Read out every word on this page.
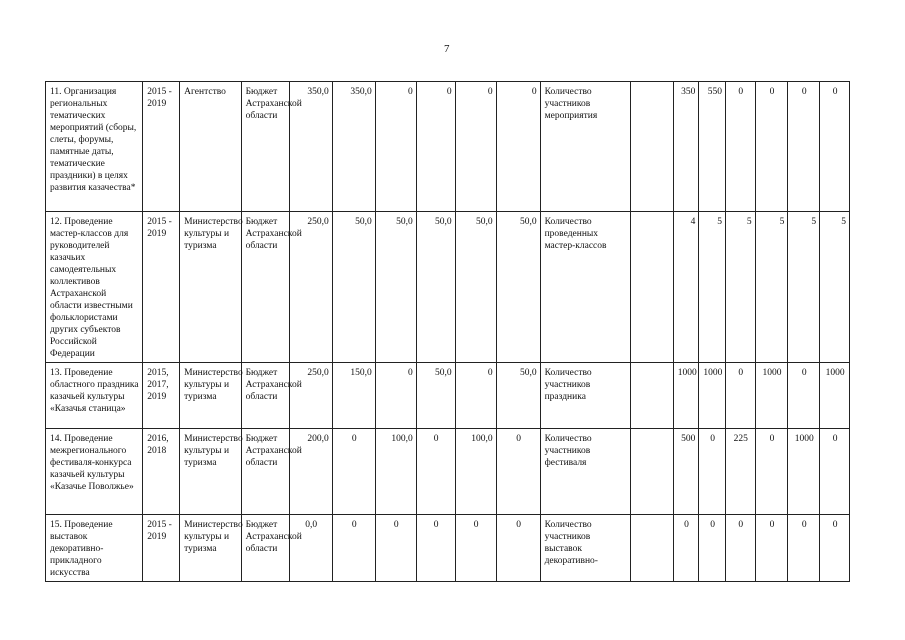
7
11. Организация региональных тематических мероприятий (сборы, слеты, форумы, памятные даты, тематические праздники) в целях развития казачества*	2015 - 2019	Агентство	Бюджет Астраханской области	350,0	350,0	0	0	0	0	Количество участников мероприятия		350	550	0	0	0	0
12. Проведение мастер-классов для руководителей казачьих самодеятельных коллективов Астраханской области известными фольклористами других субъектов Российской Федерации	2015 - 2019	Министерство культуры и туризма	Бюджет Астраханской области	250,0	50,0	50,0	50,0	50,0	50,0	Количество проведенных мастер-классов		4	5	5	5	5	5
13. Проведение областного праздника казачьей культуры «Казачья станица»	2015, 2017, 2019	Министерство культуры и туризма	Бюджет Астраханской области	250,0	150,0	0	50,0	0	50,0	Количество участников праздника		1000	1000	0	1000	0	1000
14. Проведение межрегионального фестиваля-конкурса казачьей культуры «Казачье Поволжье»	2016, 2018	Министерство культуры и туризма	Бюджет Астраханской области	200,0	0	100,0	0	100,0	0	Количество участников фестиваля		500	0	225	0	1000	0
15. Проведение выставок декоративно-прикладного искусства	2015 - 2019	Министерство культуры и туризма	Бюджет Астраханской области	0,0	0	0	0	0	0	Количество участников выставок декоративно-		0	0	0	0	0	0
